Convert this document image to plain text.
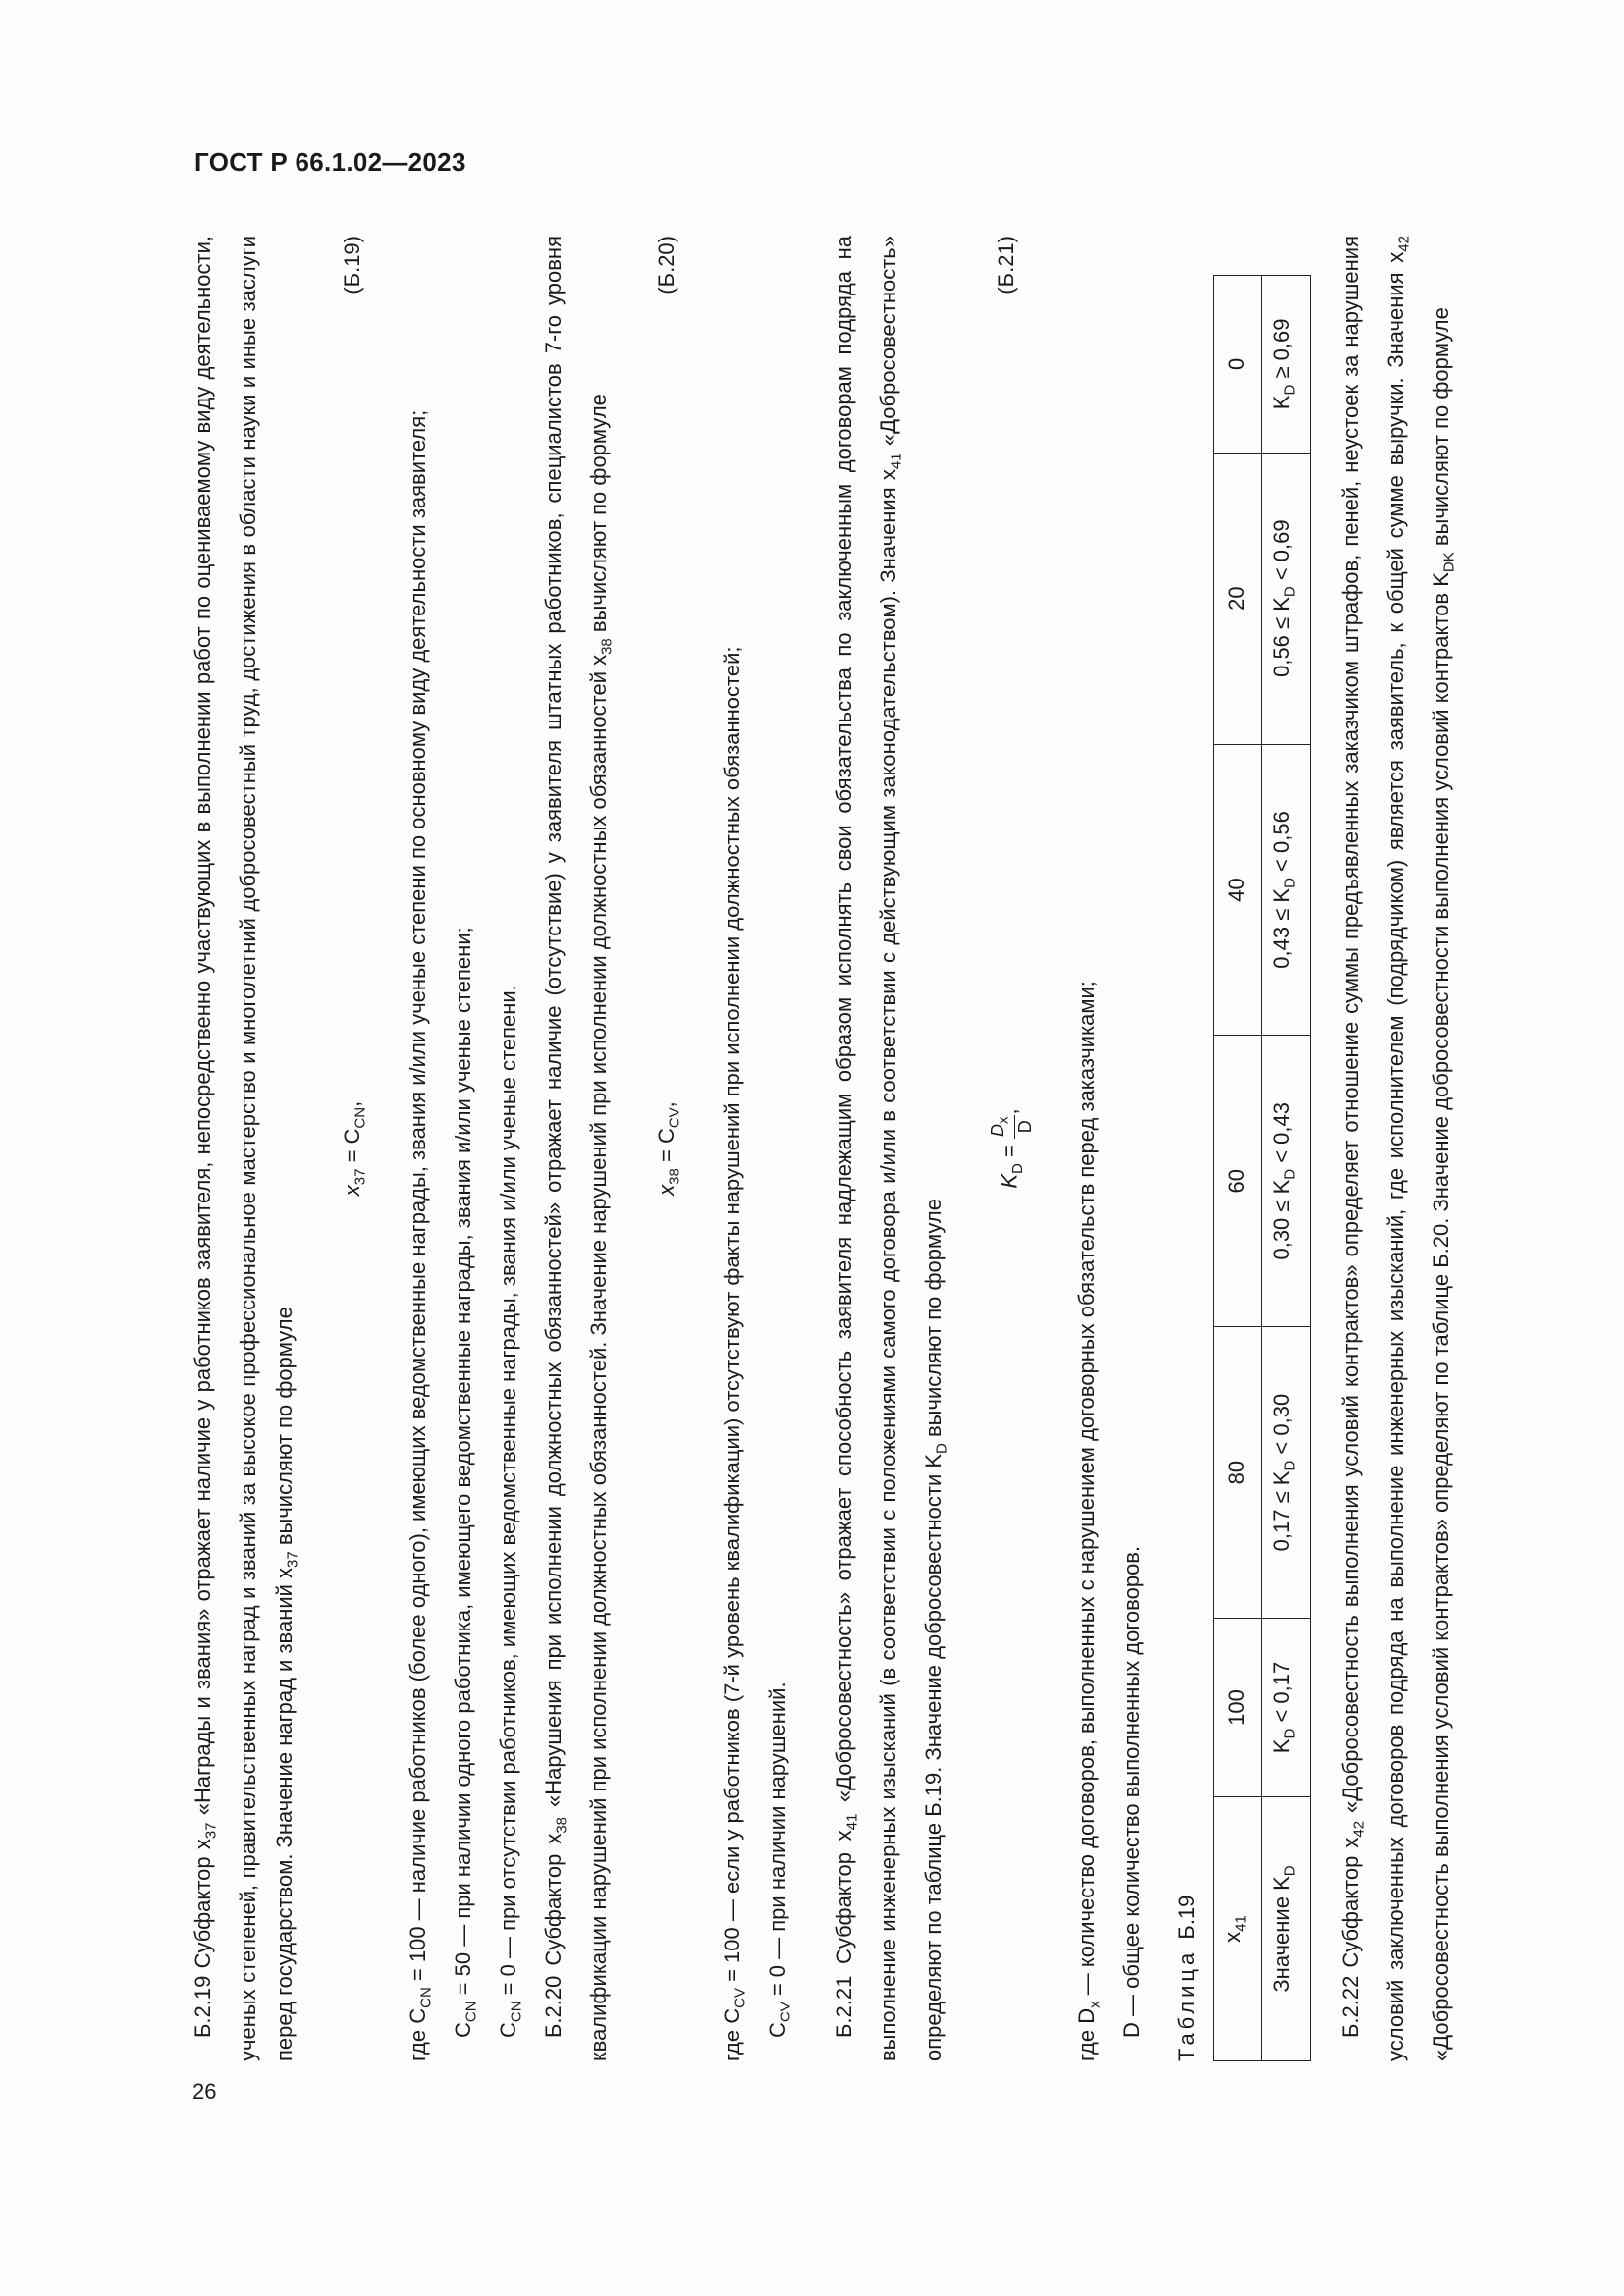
ГОСТ Р 66.1.02—2023

Б.2.19 Субфактор $x_{37}$ «Награды и звания» отражает наличие у работников заявителя, непосредственно участвующих в выполнении работ по оцениваемому виду деятельности, ученых степеней, правительственных наград и званий за высокое профессиональное мастерство и многолетний добросовестный труд, достижения в области науки и иные заслуги перед государством. Значение наград и званий $x_{37}$ вычисляют по формуле

$x_{37} = C_{CN}$,
(Б.19)

где $C_{CN} = 100$ — наличие работников (более одного), имеющих ведомственные награды, звания и/или ученые степени по основному виду деятельности заявителя;

$C_{CN} = 50$ — при наличии одного работника, имеющего ведомственные награды, звания и/или ученые степени;

$C_{CN} = 0$ — при отсутствии работников, имеющих ведомственные награды, звания и/или ученые степени. Б.2.20 Субфактор $x_{38}$ «Нарушения при исполнении должностных обязанностей» отражает наличие (отсутствие) у заявителя штатных работников, специалистов 7-го уровня квалификации нарушений при исполнении должностных обязанностей. Значение нарушений при исполнении должностных обязанностей $x_{38}$ вычисляют по формуле

$x_{38} = C_{CV}$,
(Б.20)

где $C_{CV} = 100$ — если у работников (7-й уровень квалификации) отсутствуют факты нарушений при исполнении должностных обязанностей;

$C_{CV} = 0$ — при наличии нарушений.	Б.2.21 Субфактор $x_{41}$ «Добросовестность» отражает способность заявителя надлежащим образом исполнять свои обязательства по заключенным договорам подряда на выполнение инженерных изысканий (в соответствии с положениями самого договора и/или в соответствии с действующим законодательством). Значения $x_{41}$ «Добросовестность» определяют по таблице Б.19. Значение добросовестности $K_D$ вычисляют по формуле

$K_D$ =
$D_x$ D
,
(Б.21)

где $D_x$ — количество договоров, выполненных с нарушением договорных обязательств перед заказчиками;

D — общее количество выполненных договоров. Таблица Б.19 $x_{41}$	100	80	60	40	20	0
Значение $K_D$	$K_D < 0,17$	$0,17 \le K_D < 0,30$	$0,30 \le K_D < 0,43$	$0,43 \le K_D < 0,56$	$0,56 \le K_D < 0,69$	$K_D \ge 0,69$

Б.2.22 Субфактор $x_{42}$ «Добросовестность выполнения условий контрактов» определяет отношение суммы предъявленных заказчиком штрафов, пеней, неустоек за нарушения условий заключенных договоров подряда на выполнение инженерных изысканий, где исполнителем (подрядчиком) является заявитель, к общей сумме выручки. Значения $x_{42}$ «Добросовестность выполнения условий контрактов» определяют по таблице Б.20. Значение добросовестности выполнения условий контрактов $K_{DK}$ вычисляют по формуле

26
